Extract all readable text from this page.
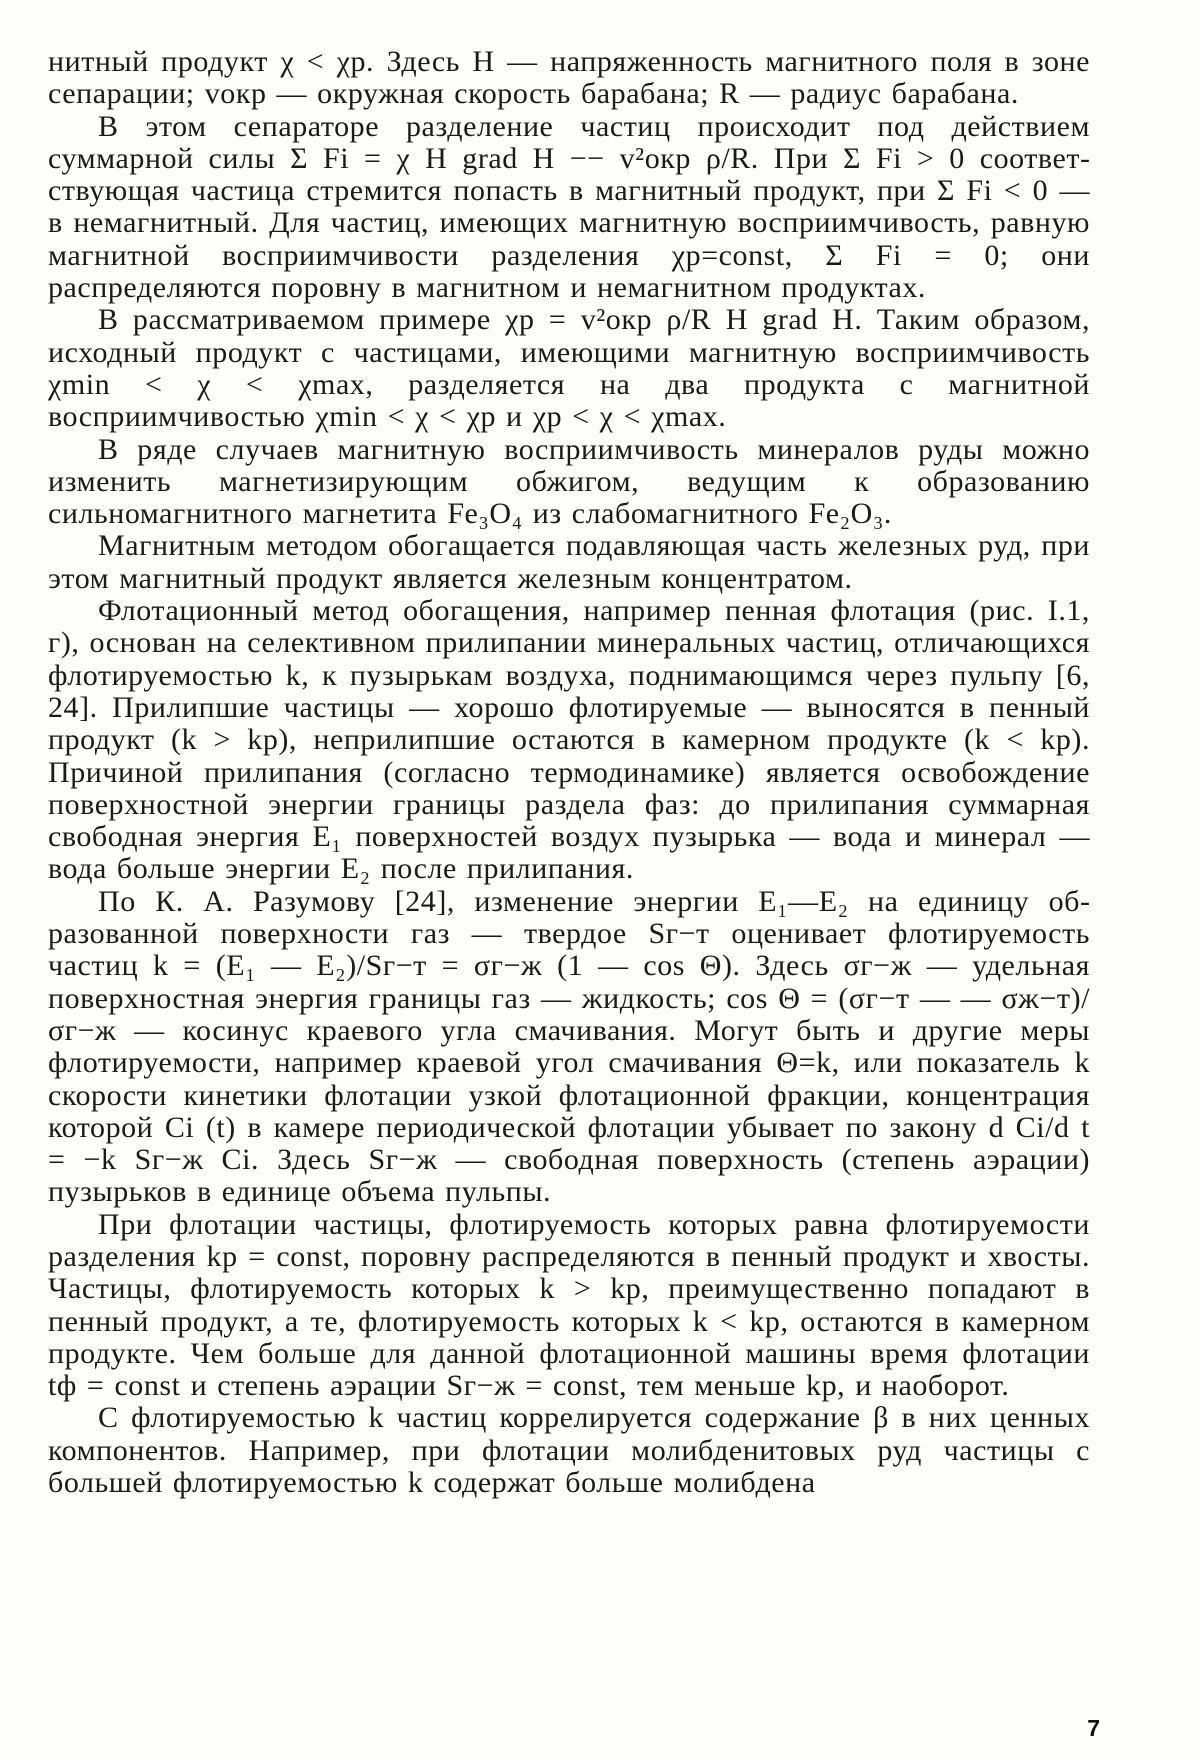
нитный продукт χ < χр. Здесь H — напряженность магнитного поля в зоне сепарации; vокр — окружная скорость барабана; R — радиус барабана.

В этом сепараторе разделение частиц происходит под действием суммарной силы Σ Fi = χ H grad H −− v²окр ρ/R. При Σ Fi > 0 соответствующая частица стремится попасть в магнитный продукт, при Σ Fi < 0 — в немагнитный. Для частиц, имеющих магнитную восприимчивость, равную магнитной восприимчивости разделения χр=const, Σ Fi = 0; они распределяются поровну в магнитном и немагнитном продуктах.

В рассматриваемом примере χр = v²окр ρ/R H grad H. Таким образом, исходный продукт с частицами, имеющими магнитную восприимчивость χmin < χ < χmax, разделяется на два продукта с магнитной восприимчивостью χmin < χ < χр и χр < χ < χmax.

В ряде случаев магнитную восприимчивость минералов руды можно изменить магнетизирующим обжигом, ведущим к образованию сильномагнитного магнетита Fe₃O₄ из слабомагнитного Fe₂O₃.

Магнитным методом обогащается подавляющая часть железных руд, при этом магнитный продукт является железным концентратом.

Флотационный метод обогащения, например пенная флотация (рис. I.1, г), основан на селективном прилипании минеральных частиц, отличающихся флотируемостью k, к пузырькам воздуха, поднимающимся через пульпу [6, 24]. Прилипшие частицы — хорошо флотируемые — выносятся в пенный продукт (k > kр), неприлипшие остаются в камерном продукте (k < kр). Причиной прилипания (согласно термодинамике) является освобождение поверхностной энергии границы раздела фаз: до прилипания суммарная свободная энергия E₁ поверхностей воздух пузырька — вода и минерал — вода больше энергии E₂ после прилипания.

По К. А. Разумову [24], изменение энергии E₁—E₂ на единицу образованной поверхности газ — твердое Sг−т оценивает флотируемость частиц k = (E₁ — E₂)/Sг−т = σг−ж (1 — cos Θ). Здесь σг−ж — удельная поверхностная энергия границы газ — жидкость; cos Θ = (σг−т — — σж−т)/σг−ж — косинус краевого угла смачивания. Могут быть и другие меры флотируемости, например краевой угол смачивания Θ=k, или показатель k скорости кинетики флотации узкой флотационной фракции, концентрация которой Ci (t) в камере периодической флотации убывает по закону d Ci/d t = −k Sг−ж Ci. Здесь Sг−ж — свободная поверхность (степень аэрации) пузырьков в единице объема пульпы.

При флотации частицы, флотируемость которых равна флотируемости разделения kр = const, поровну распределяются в пенный продукт и хвосты. Частицы, флотируемость которых k > kр, преимущественно попадают в пенный продукт, а те, флотируемость которых k < kр, остаются в камерном продукте. Чем больше для данной флотационной машины время флотации tф = const и степень аэрации Sг−ж = const, тем меньше kр, и наоборот.

С флотируемостью k частиц коррелируется содержание β в них ценных компонентов. Например, при флотации молибденитовых руд частицы с большей флотируемостью k содержат больше молибдена

7
